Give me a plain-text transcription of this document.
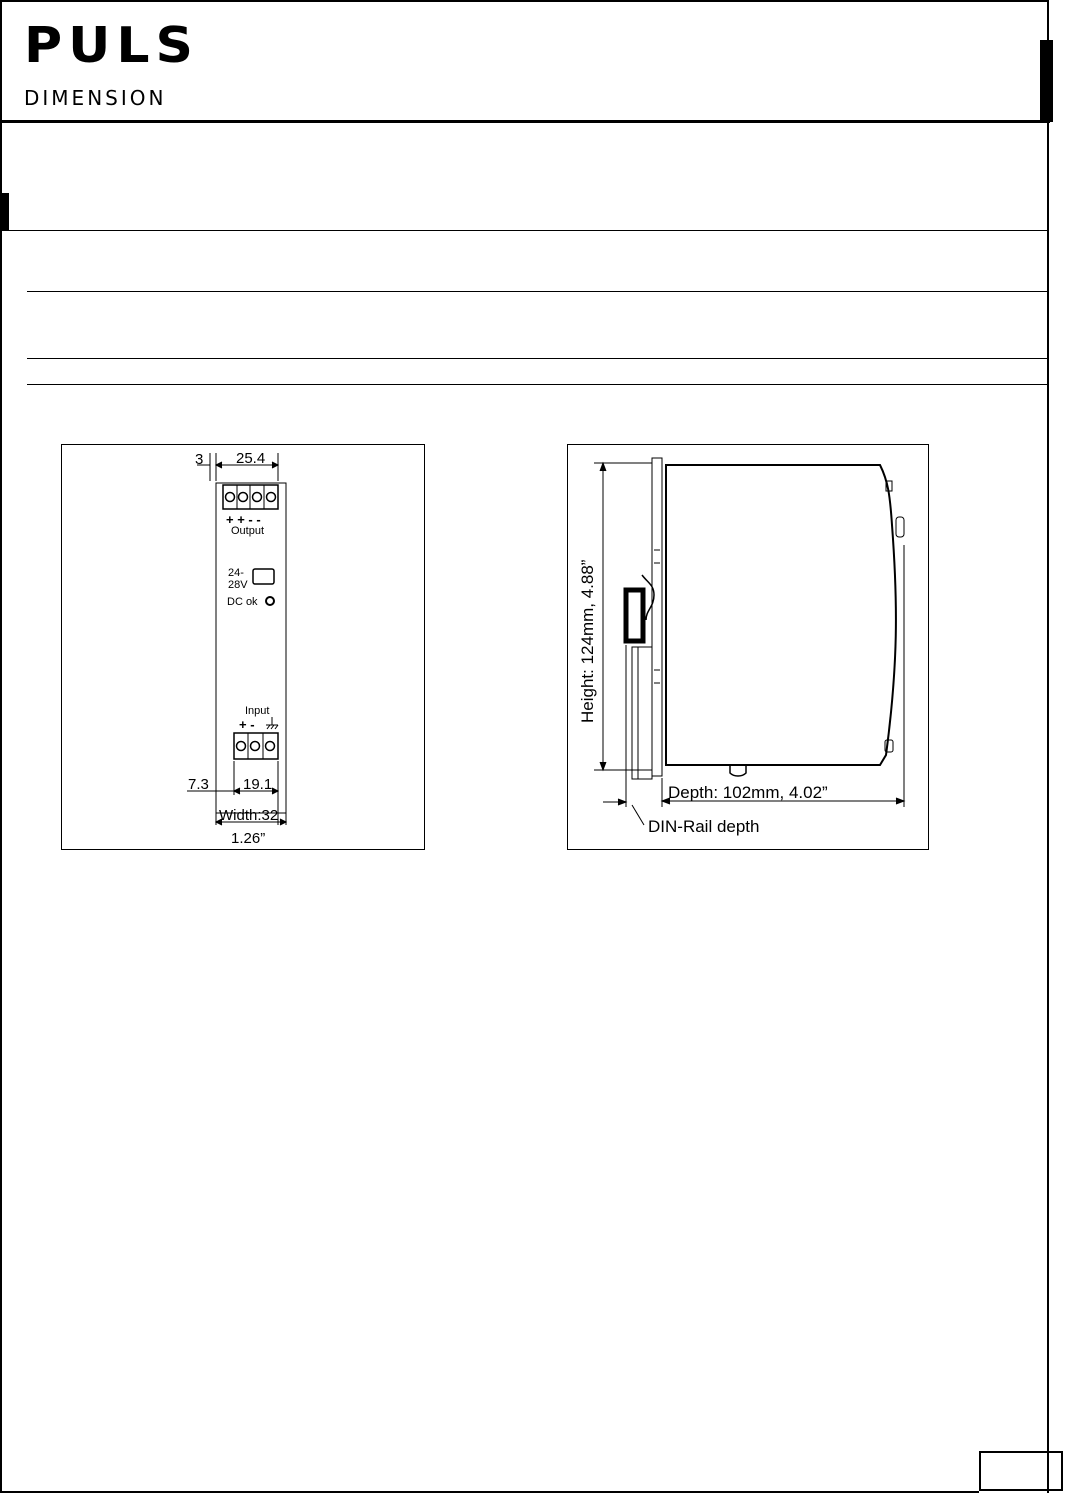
PULS
DIMENSION
3 25.4
+ + - -
Output
24-
28V
DC ok
Input
+ -
7.3 19.1
Width:32
1.26”
Height: 124mm, 4.88”
Depth: 102mm, 4.02”
DIN-Rail depth
